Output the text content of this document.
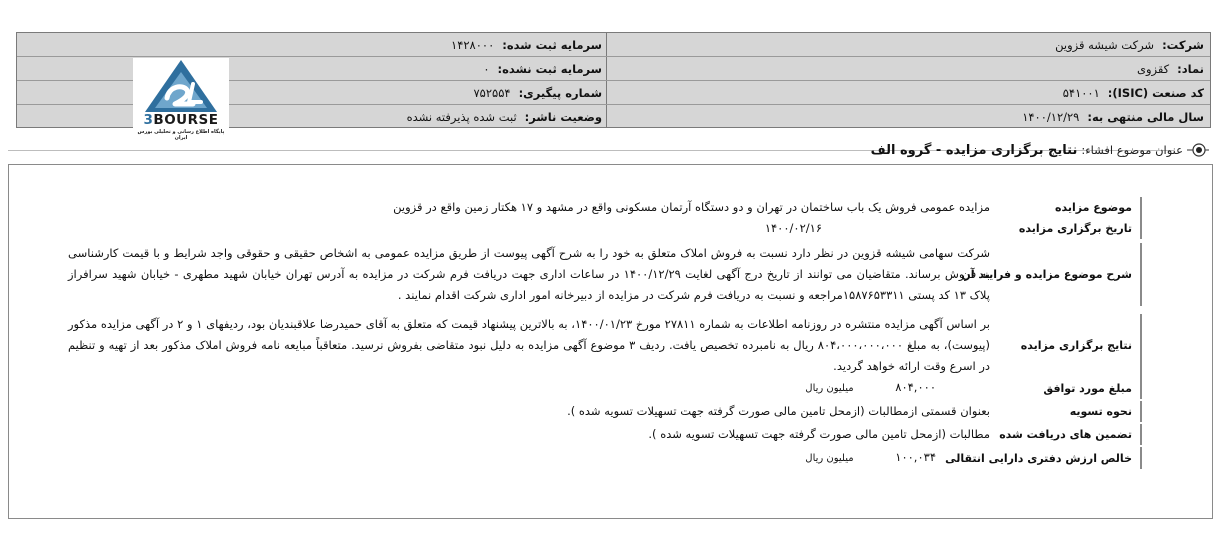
شرکت:
شرکت شیشه قزوین
نماد:
کقزوی
کد صنعت (ISIC):
۵۴۱۰۰۱
سال مالی منتهی به:
۱۴۰۰/۱۲/۲۹
سرمایه ثبت شده:
۱۴۲۸۰۰۰
سرمایه ثبت نشده:
۰
شماره پیگیری:
۷۵۲۵۵۴
وضعیت ناشر:
ثبت شده پذیرفته نشده
3BOURSE
پایگاه اطلاع رسانی و تحلیلی بورس ایران
عنوان موضوع افشاء:
نتایج برگزاری مزایده - گروه الف
موضوع مزایده
مزایده عمومی فروش یک باب ساختمان در تهران و دو دستگاه آرتمان مسکونی واقع در مشهد و ۱۷ هکتار زمین واقع در قزوین
تاریخ برگزاری مزایده
۱۴۰۰/۰۲/۱۶
شرح موضوع مزایده و فرایند آن
شرکت سهامی شیشه قزوین در نظر دارد نسبت به فروش املاک متعلق به خود را به شرح آگهی پیوست از طریق مزایده عمومی به اشخاص حقیقی و حقوقی واجد شرایط و با قیمت کارشناسی به فروش برساند. متقاضیان می توانند از تاریخ درج آگهی لغایت ۱۴۰۰/۱۲/۲۹ در ساعات اداری جهت دریافت فرم شرکت در مزایده به آدرس تهران خیابان شهید مطهری - خیابان شهید سرافراز پلاک ۱۳ کد پستی ۱۵۸۷۶۵۳۳۱۱مراجعه و نسبت به دریافت فرم شرکت در مزایده از دبیرخانه امور اداری شرکت اقدام نمایند .
نتایج برگزاری مزایده
بر اساس آگهی مزایده منتشره در روزنامه اطلاعات به شماره ۲۷۸۱۱ مورخ ۱۴۰۰/۰۱/۲۳، به بالاترین پیشنهاد قیمت که متعلق به آقای حمیدرضا علاقبندیان بود، ردیفهای ۱ و ۲ در آگهی مزایده مذکور (پیوست)، به مبلغ ۸۰۴،۰۰۰،۰۰۰،۰۰۰ ریال به نامبرده تخصیص یافت. ردیف ۳ موضوع آگهی مزایده به دلیل نبود متقاضی بفروش نرسید. متعاقباً مبایعه نامه فروش املاک مذکور بعد از تهیه و تنظیم در اسرع وقت ارائه خواهد گردید.
مبلغ مورد توافق
۸۰۴,۰۰۰ میلیون ریال
نحوه تسویه
بعنوان قسمتی ازمطالبات (ازمحل تامین مالی صورت گرفته جهت تسهیلات تسویه شده ).
تضمین های دریافت شده
مطالبات (ازمحل تامین مالی صورت گرفته جهت تسهیلات تسویه شده ).
خالص ارزش دفتری دارایی انتقالی
۱۰۰,۰۳۴ میلیون ریال
